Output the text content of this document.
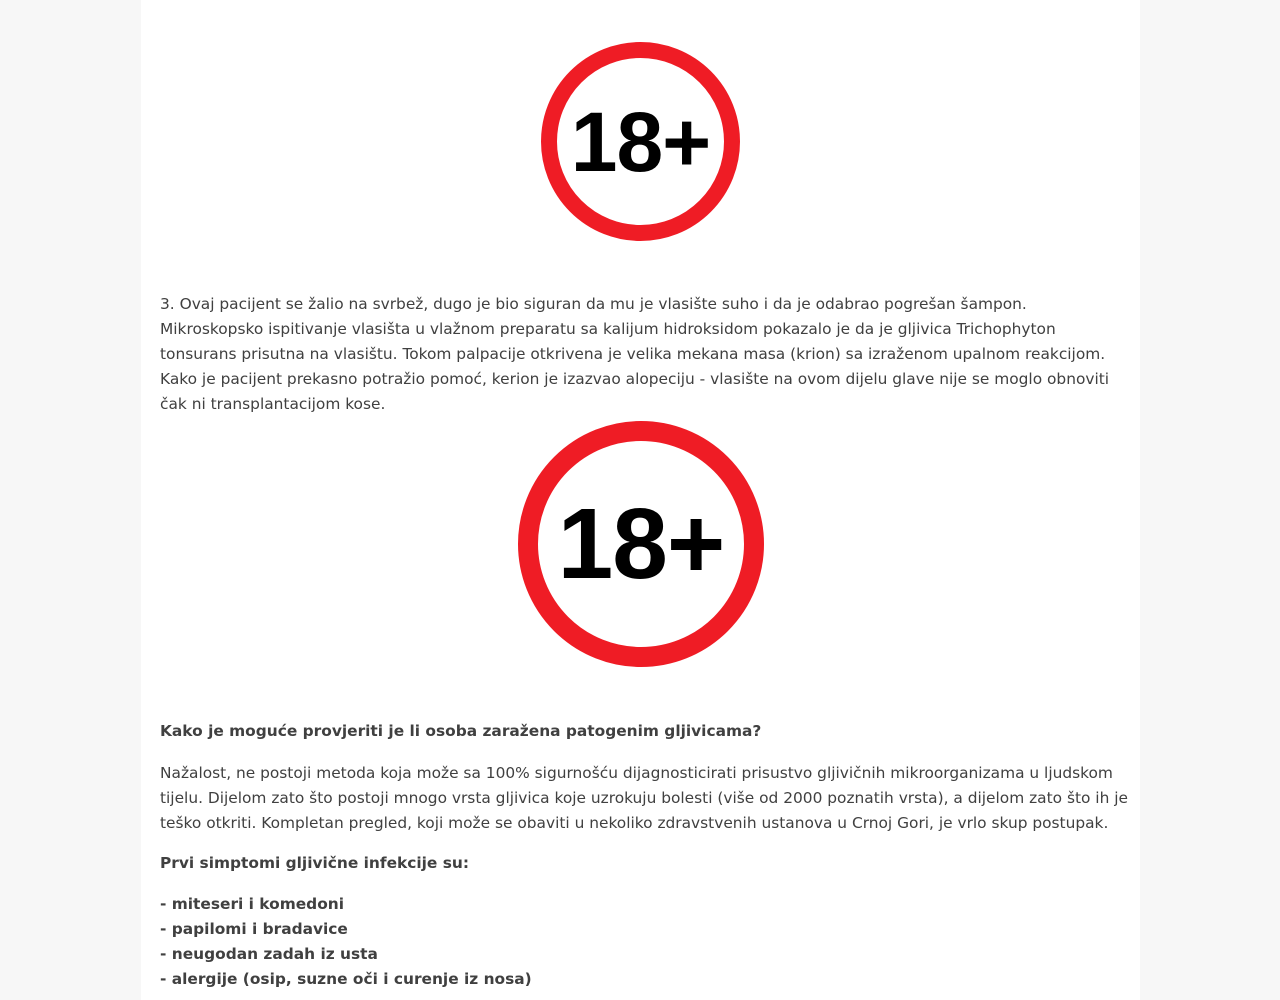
18+

3. Ovaj pacijent se žalio na svrbež, dugo je bio siguran da mu je vlasište suho i da je odabrao pogrešan šampon. Mikroskopsko ispitivanje vlasišta u vlažnom preparatu sa kalijum hidroksidom pokazalo je da je gljivica Trichophyton tonsurans prisutna na vlasištu. Tokom palpacije otkrivena je velika mekana masa (krion) sa izraženom upalnom reakcijom. Kako je pacijent prekasno potražio pomoć, kerion je izazvao alopeciju - vlasište na ovom dijelu glave nije se moglo obnoviti čak ni transplantacijom kose.

18+

Kako je moguće provjeriti je li osoba zaražena patogenim gljivicama?

Nažalost, ne postoji metoda koja može sa 100% sigurnošću dijagnosticirati prisustvo gljivičnih mikroorganizama u ljudskom tijelu. Dijelom zato što postoji mnogo vrsta gljivica koje uzrokuju bolesti (više od 2000 poznatih vrsta), a dijelom zato što ih je teško otkriti. Kompletan pregled, koji može se obaviti u nekoliko zdravstvenih ustanova u Crnoj Gori, je vrlo skup postupak.

Prvi simptomi gljivične infekcije su:

- miteseri i komedoni
- papilomi i bradavice
- neugodan zadah iz usta
- alergije (osip, suzne oči i curenje iz nosa)
